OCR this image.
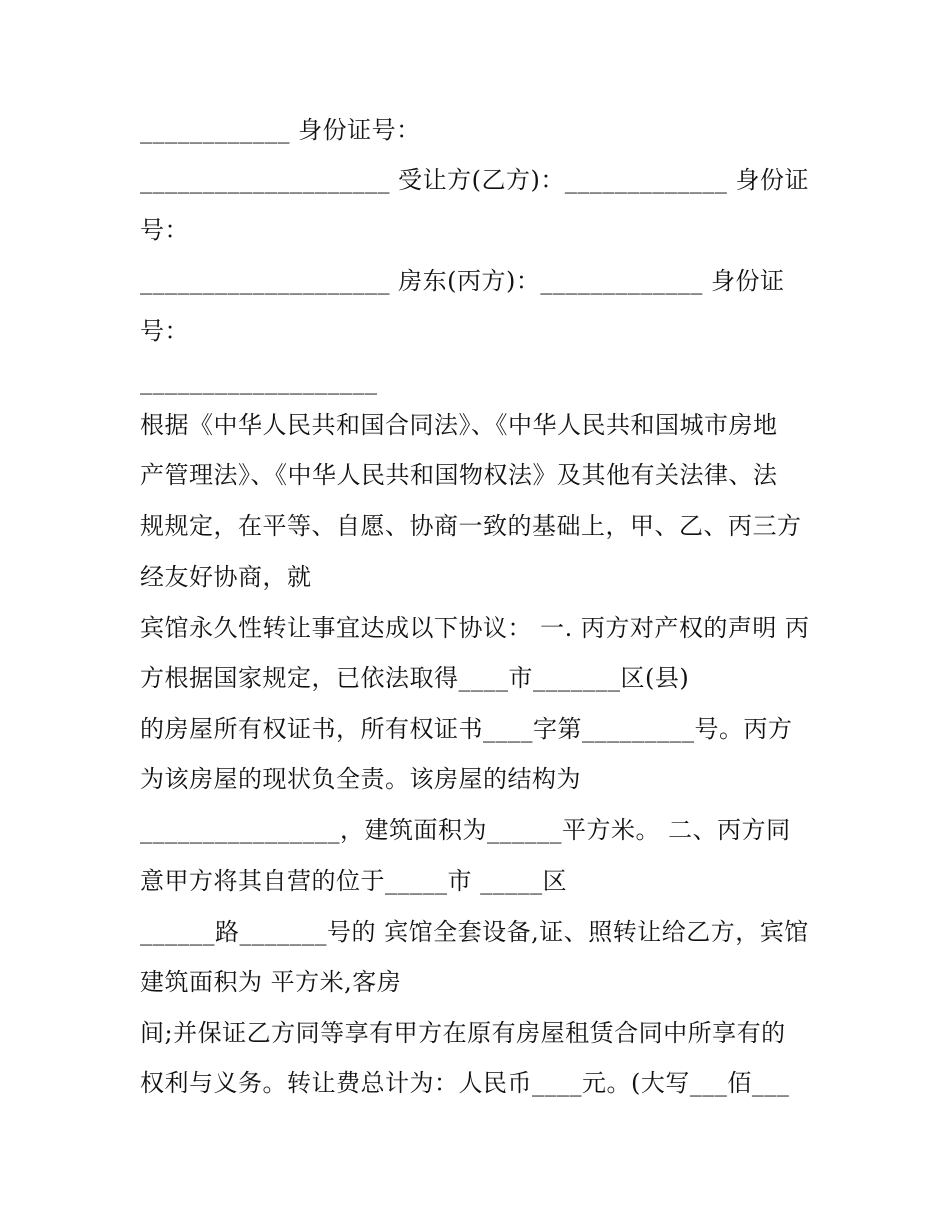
____________ 身份证号：
____________________ 受让方(乙方)：_____________ 身份证
号：
____________________ 房东(丙方)：_____________ 身份证
号：
___________________
根据《中华人民共和国合同法》、《中华人民共和国城市房地
产管理法》、《中华人民共和国物权法》及其他有关法律、法
规规定，在平等、自愿、协商一致的基础上，甲、乙、丙三方
经友好协商，就
宾馆永久性转让事宜达成以下协议： 一. 丙方对产权的声明 丙
方根据国家规定，已依法取得____市_______区(县)
的房屋所有权证书，所有权证书____字第_________号。丙方
为该房屋的现状负全责。该房屋的结构为
________________，建筑面积为______平方米。 二、丙方同
意甲方将其自营的位于_____市 _____区
______路_______号的 宾馆全套设备,证、照转让给乙方，宾馆
建筑面积为 平方米,客房
间;并保证乙方同等享有甲方在原有房屋租赁合同中所享有的
权利与义务。转让费总计为：人民币____元。(大写___佰___
